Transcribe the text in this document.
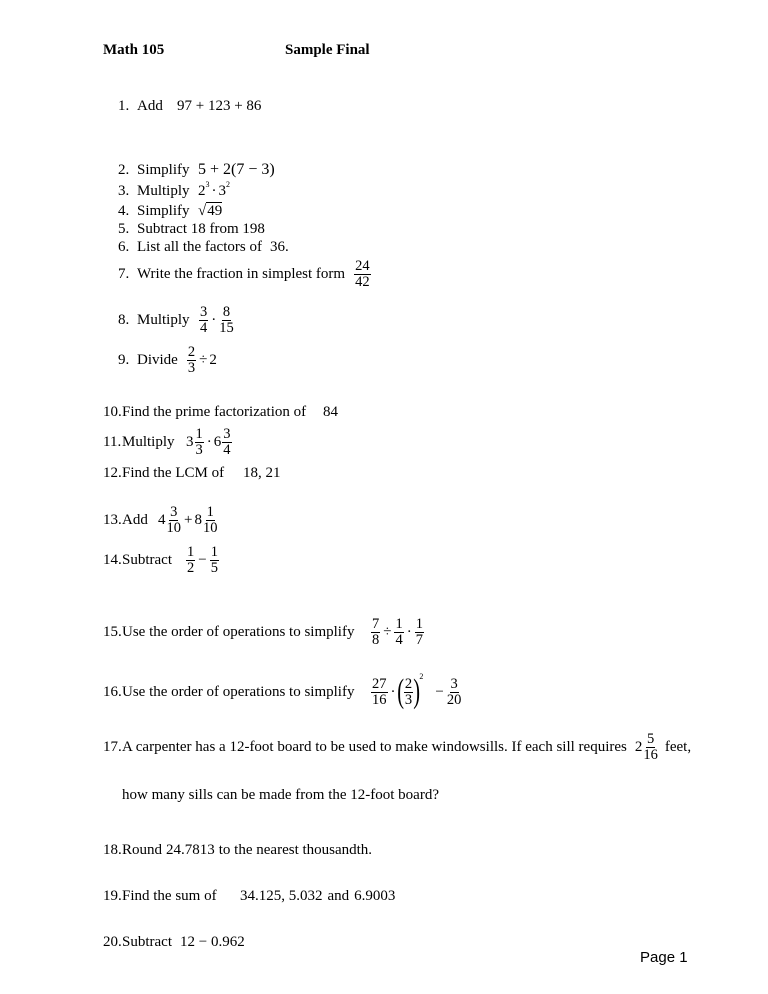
Math 105	Sample Final
1. Add 97 + 123 + 86
2. Simplify 5 + 2(7 − 3)
3. Multiply 2 3 · 3 2
4. Simplify √ 49
5. Subtract 18 from 198
6. List all the factors of 36.
7. Write the fraction in simplest form 24
42
8. Multiply 3
4 · 8
15
9. Divide $\frac{2}{3} \div 2$
10. Find the prime factorization of	84
11. Multiply 3 1
3 · 6 3
4
12. Find the LCM of	18, 21
13. Add 4 3
10 + 8 1
10
14. Subtract	1
$2 - \frac{1}{5}$
15. Use the order of operations to simplify	$\frac{7}{8} \div \frac{1}{4} \cdot 1$
7
16. Use the order of operations to simplify	27
16 · ( 2
3 ) 2
− $\frac{3}{20}$
17. A carpenter has a 12-foot board to be used to make windowsills. If each sill requires 2 5
16 feet,
how many sills can be made from the 12-foot board?
18. Round 24.7813 to the nearest thousandth.
19. Find the sum of	34.125, 5.032 and 6.9003
20. Subtract 12 − 0.962
Page 1
